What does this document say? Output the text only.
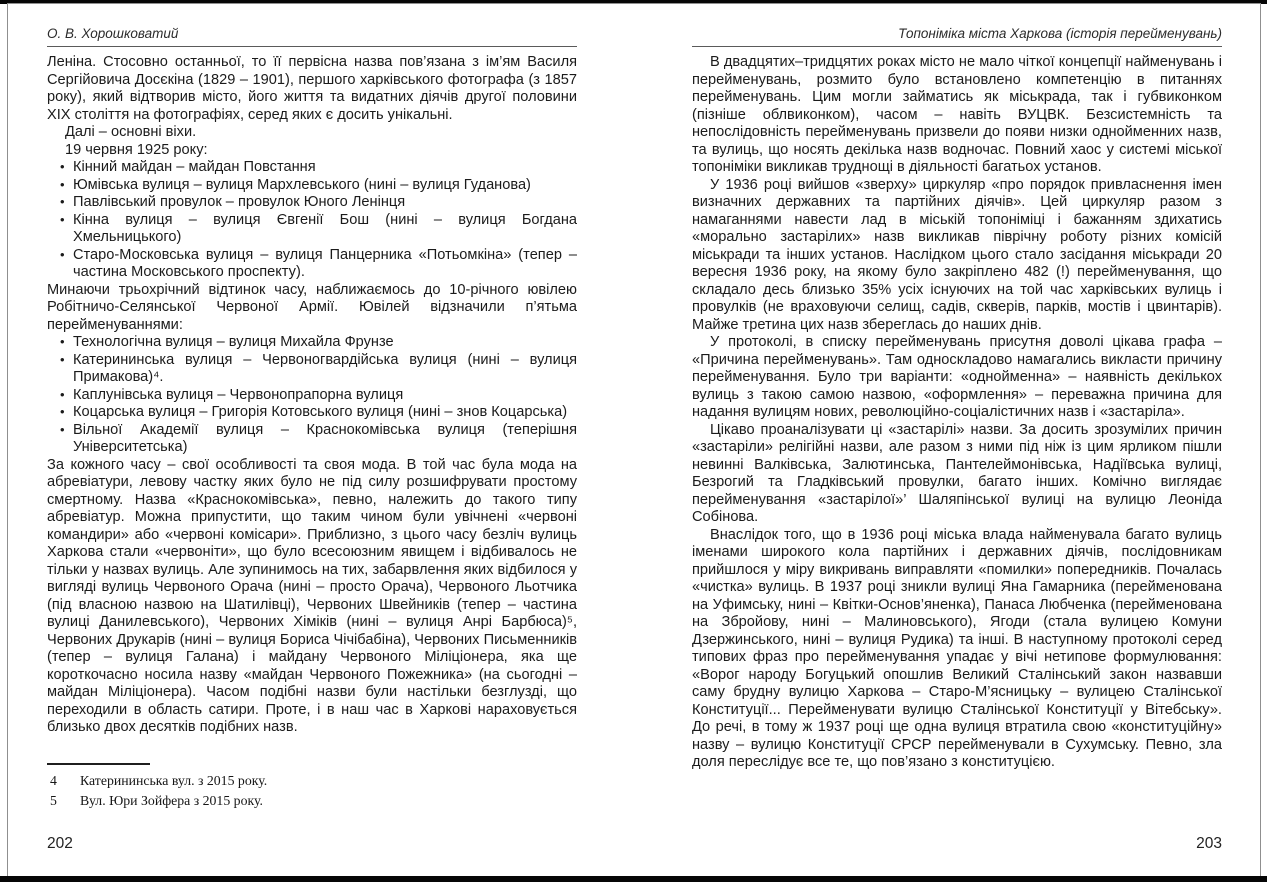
О. В. Хорошковатий

Леніна. Стосовно останньої, то її первісна назва пов’язана з ім’ям Василя Сергійовича Досєкіна (1829 – 1901), першого харківського фотографа (з 1857 року), який відтворив місто, його життя та видатних діячів другої половини XIX століття на фотографіях, серед яких є досить унікальні.

Далі – основні віхи.

19 червня 1925 року:

• Кінний майдан – майдан Повстання
• Юмівська вулиця – вулиця Мархлевського (нині – вулиця Гуданова)
• Павлівський провулок – провулок Юного Ленінця
• Кінна вулиця – вулиця Євгенії Бош (нині – вулиця Богдана Хмельницького)
• Старо-Московська вулиця – вулиця Панцерника «Потьомкіна» (тепер – частина Московського проспекту).

Минаючи трьохрічний відтинок часу, наближаємось до 10-річного ювілею Робітничо-Селянської Червоної Армії. Ювілей відзначили п’ятьма перейменуваннями:

• Технологічна вулиця – вулиця Михайла Фрунзе
• Катерининська вулиця – Червоногвардійська вулиця (нині – вулиця Примакова)⁴.
• Каплунівська вулиця – Червонопрапорна вулиця
• Коцарська вулиця – Григорія Котовського вулиця (нині – знов Коцарська)
• Вільної Академії вулиця – Краснокомівська вулиця (теперішня Університетська)

За кожного часу – свої особливості та своя мода. В той час була мода на абревіатури, левову частку яких було не під силу розшифрувати простому смертному. Назва «Краснокомівська», певно, належить до такого типу абревіатур. Можна припустити, що таким чином були увічнені «червоні командири» або «червоні комісари». Приблизно, з цього часу безліч вулиць Харкова стали «червоніти», що було всесоюзним явищем і відбивалось не тільки у назвах вулиць. Але зупинимось на тих, забарвлення яких відбилося у вигляді вулиць Червоного Орача (нині – просто Орача), Червоного Льотчика (під власною назвою на Шатилівці), Червоних Швейників (тепер – частина вулиці Данилевського), Червоних Хіміків (нині – вулиця Анрі Барбюса)⁵, Червоних Друкарів (нині – вулиця Бориса Чічібабіна), Червоних Письменників (тепер – вулиця Галана) і майдану Червоного Міліціонера, яка ще короткочасно носила назву «майдан Червоного Пожежника» (на сьогодні – майдан Міліціонера). Часом подібні назви були настільки безглузді, що переходили в область сатири. Проте, і в наш час в Харкові нараховується близько двох десятків подібних назв.

Топоніміка міста Харкова (історія перейменувань)

В двадцятих–тридцятих роках місто не мало чіткої концепції найменувань і перейменувань, розмито було встановлено компетенцію в питаннях перейменувань. Цим могли займатись як міськрада, так і губвиконком (пізніше облвиконком), часом – навіть ВУЦВК. Безсистемність та непослідовність перейменувань призвели до появи низки однойменних назв, та вулиць, що носять декілька назв водночас. Повний хаос у системі міської топоніміки викликав труднощі в діяльності багатьох установ.

У 1936 році вийшов «зверху» циркуляр «про порядок привласнення імен визначних державних та партійних діячів». Цей циркуляр разом з намаганнями навести лад в міській топоніміці і бажанням здихатись «морально застарілих» назв викликав піврічну роботу різних комісій міськради та інших установ. Наслідком цього стало засідання міськради 20 вересня 1936 року, на якому було закріплено 482 (!) перейменування, що складало десь близько 35% усіх існуючих на той час харківських вулиць і провулків (не враховуючи селищ, садів, скверів, парків, мостів і цвинтарів). Майже третина цих назв збереглась до наших днів.

У протоколі, в списку перейменувань присутня доволі цікава графа – «Причина перейменувань». Там односкладово намагались викласти причину перейменування. Було три варіанти: «однойменна» – наявність декількох вулиць з такою самою назвою, «оформлення» – переважна причина для надання вулицям нових, революційно-соціалістичних назв і «застаріла».

Цікаво проаналізувати ці «застарілі» назви. За досить зрозумілих причин «застаріли» релігійні назви, але разом з ними під ніж із цим ярликом пішли невинні Валківська, Залютинська, Пантелеймонівська, Надіївська вулиці, Безрогий та Гладківський провулки, багато інших. Комічно виглядає перейменування «застарілої»’ Шаляпінської вулиці на вулицю Леоніда Собінова.

Внаслідок того, що в 1936 році міська влада найменувала багато вулиць іменами широкого кола партійних і державних діячів, послідовникам прийшлося у міру викривань виправляти «помилки» попередників. Почалась «чистка» вулиць. В 1937 році зникли вулиці Яна Гамарника (перейменована на Уфимську, нині – Квітки-Основ’яненка), Панаса Любченка (перейменована на Збройову, нині – Малиновського), Ягоди (стала вулицею Комуни Дзержинського, нині – вулиця Рудика) та інші. В наступному протоколі серед типових фраз про перейменування упадає у вічі нетипове формулювання: «Ворог народу Богуцький опошлив Великий Сталінський закон назвавши саму брудну вулицю Харкова – Старо-М’ясницьку – вулицею Сталінської Конституції... Перейменувати вулицю Сталінської Конституції у Вітебську». До речі, в тому ж 1937 році ще одна вулиця втратила свою «конституційну» назву – вулицю Конституції СРСР перейменували в Сухумську. Певно, зла доля переслідує все те, що пов’язано з конституцією.

4	Катерининська вул. з 2015 року.
5	Вул. Юри Зойфера з 2015 року.
202	203
